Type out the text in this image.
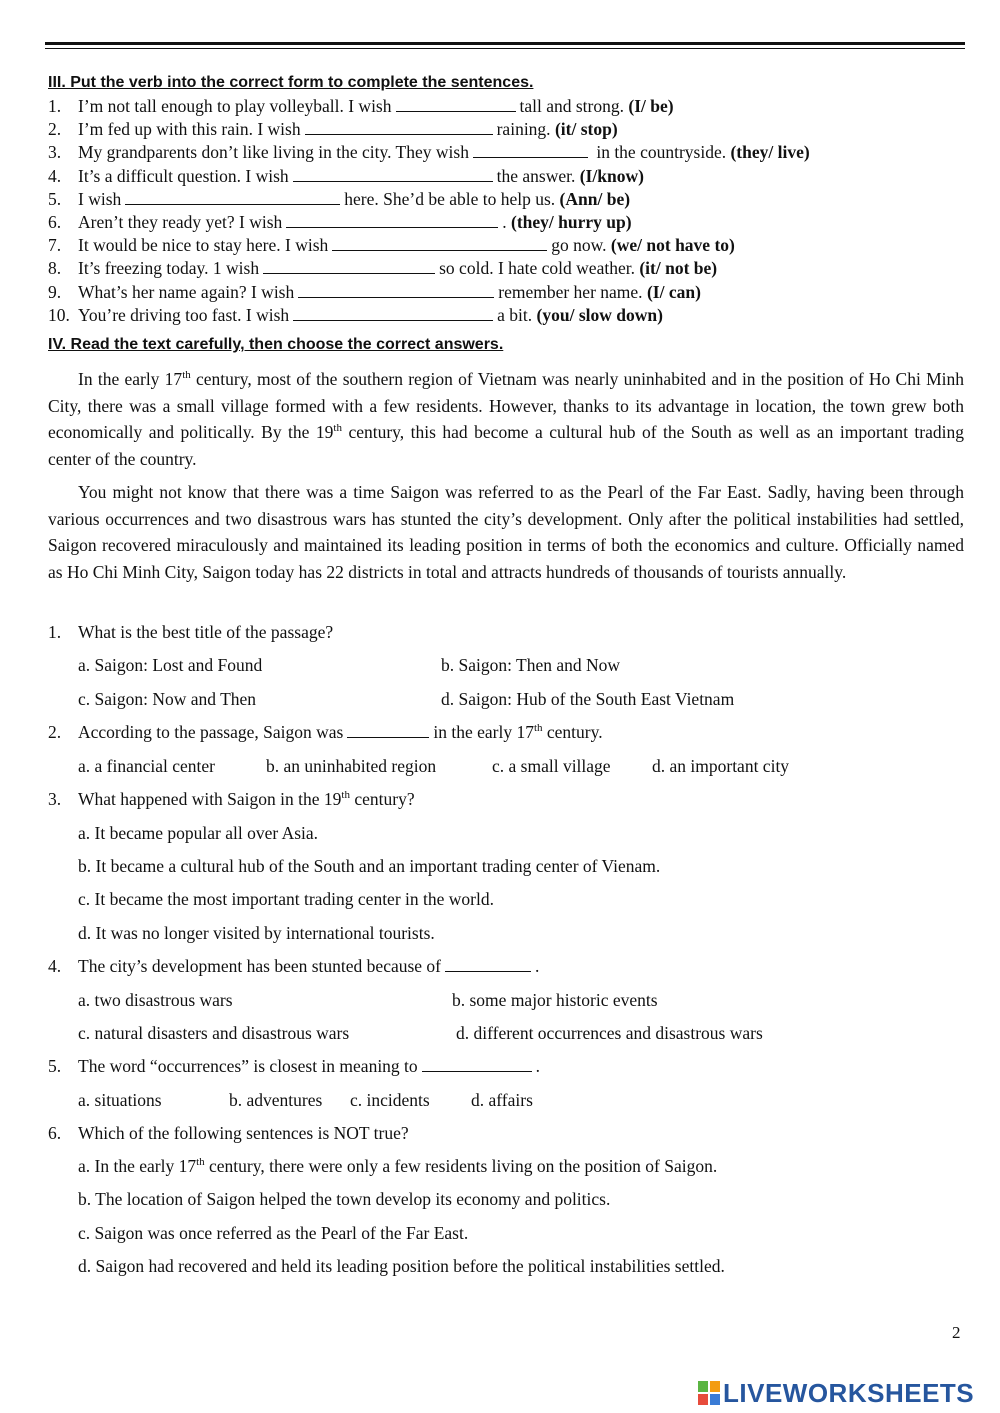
III. Put the verb into the correct form to complete the sentences.
1. I’m not tall enough to play volleyball. I wish	tall and strong. (I/ be)
2. I’m fed up with this rain. I wish	raining. (it/ stop)
3. My grandparents don’t like living in the city. They wish	in the countryside. (they/ live)
4. It’s a difficult question. I wish	the answer. (I/know)
5. I wish	here. She’d be able to help us. (Ann/ be)
6. Aren’t they ready yet? I wish	. (they/ hurry up)
7. It would be nice to stay here. I wish	go now. (we/ not have to)
8. It’s freezing today. 1 wish	so cold. I hate cold weather. (it/ not be)
9. What’s her name again? I wish	remember her name. (I/ can)
10. You’re driving too fast. I wish	a bit. (you/ slow down)
IV. Read the text carefully, then choose the correct answers.

In the early 17th century, most of the southern region of Vietnam was nearly uninhabited and in the position of Ho Chi Minh City, there was a small village formed with a few residents. However, thanks to its advantage in location, the town grew both economically and politically. By the 19th century, this had become a cultural hub of the South as well as an important trading center of the country.

You might not know that there was a time Saigon was referred to as the Pearl of the Far East. Sadly, having been through various occurrences and two disastrous wars has stunted the city’s development. Only after the political instabilities had settled, Saigon recovered miraculously and maintained its leading position in terms of both the economics and culture. Officially named as Ho Chi Minh City, Saigon today has 22 districts in total and attracts hundreds of thousands of tourists annually.

1. What is the best title of the passage?
a. Saigon: Lost and Found	b. Saigon: Then and Now
c. Saigon: Now and Then	d. Saigon: Hub of the South East Vietnam
2. According to the passage, Saigon was	in the early 17th century.
a. a financial center	b. an uninhabited region	c. a small village d. an important city
3. What happened with Saigon in the 19th century?
a. It became popular all over Asia.
b. It became a cultural hub of the South and an important trading center of Vienam.
c. It became the most important trading center in the world.
d. It was no longer visited by international tourists.
4. The city’s development has been stunted because of	.
a. two disastrous wars	b. some major historic events
c. natural disasters and disastrous wars	d. different occurrences and disastrous wars
5. The word “occurrences” is closest in meaning to	.
a. situations	b. adventures c. incidents d. affairs
6. Which of the following sentences is NOT true?
a. In the early 17th century, there were only a few residents living on the position of Saigon.
b. The location of Saigon helped the town develop its economy and politics.
c. Saigon was once referred as the Pearl of the Far East.
d. Saigon had recovered and held its leading position before the political instabilities settled.
2
LIVEWORKSHEETS
